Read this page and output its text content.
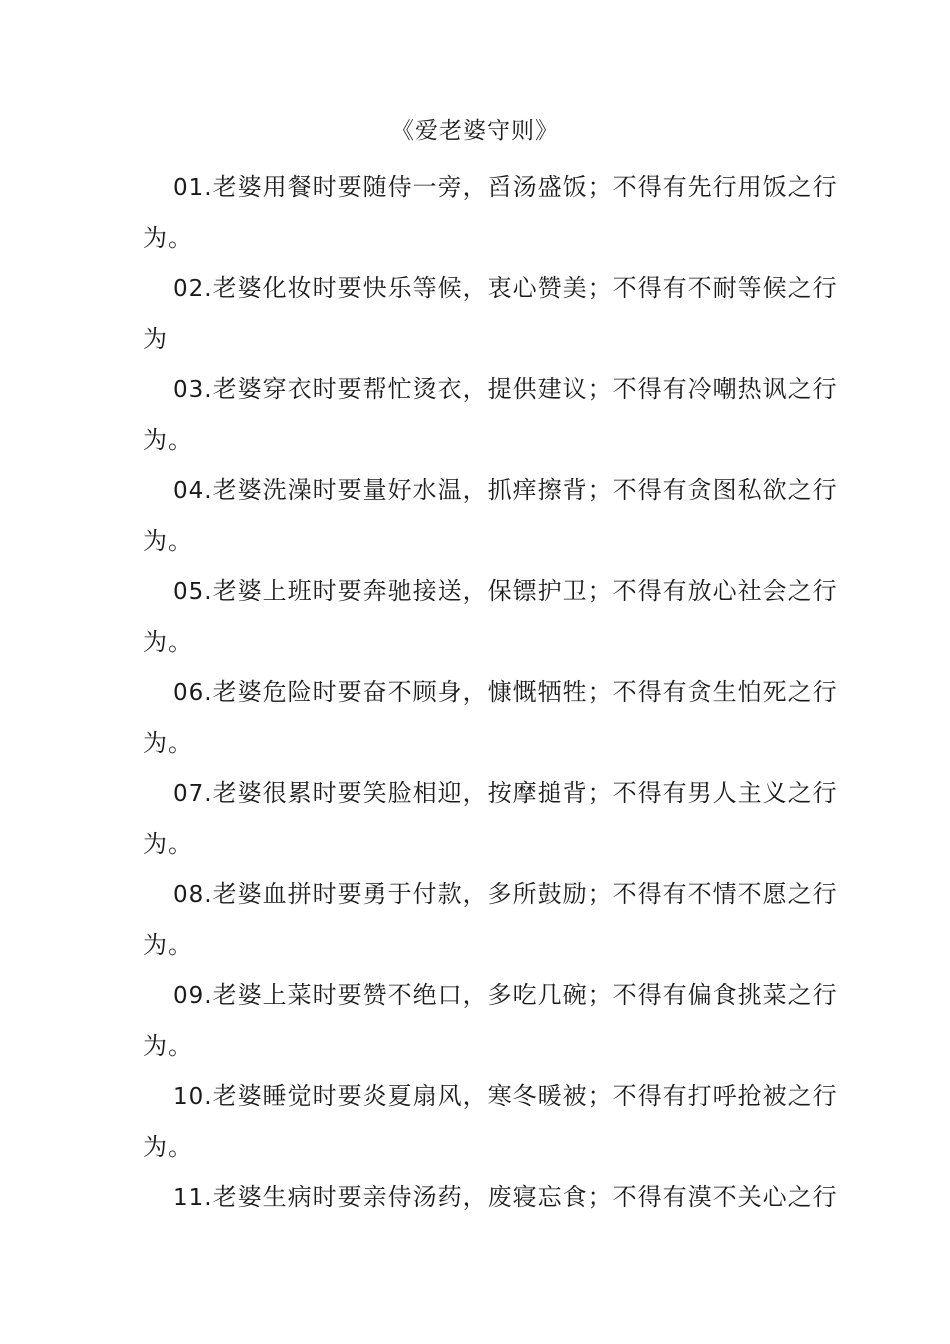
《爱老婆守则》

01.老婆用餐时要随侍一旁，舀汤盛饭；不得有先行用饭之行
为。

02.老婆化妆时要快乐等候，衷心赞美；不得有不耐等候之行
为

03.老婆穿衣时要帮忙烫衣，提供建议；不得有冷嘲热讽之行
为。

04.老婆洗澡时要量好水温，抓痒擦背；不得有贪图私欲之行
为。

05.老婆上班时要奔驰接送，保镖护卫；不得有放心社会之行
为。

06.老婆危险时要奋不顾身，慷慨牺牲；不得有贪生怕死之行
为。

07.老婆很累时要笑脸相迎，按摩搥背；不得有男人主义之行
为。

08.老婆血拼时要勇于付款，多所鼓励；不得有不情不愿之行
为。

09.老婆上菜时要赞不绝口，多吃几碗；不得有偏食挑菜之行
为。

10.老婆睡觉时要炎夏扇风，寒冬暖被；不得有打呼抢被之行
为。

11.老婆生病时要亲侍汤药，废寝忘食；不得有漠不关心之行
